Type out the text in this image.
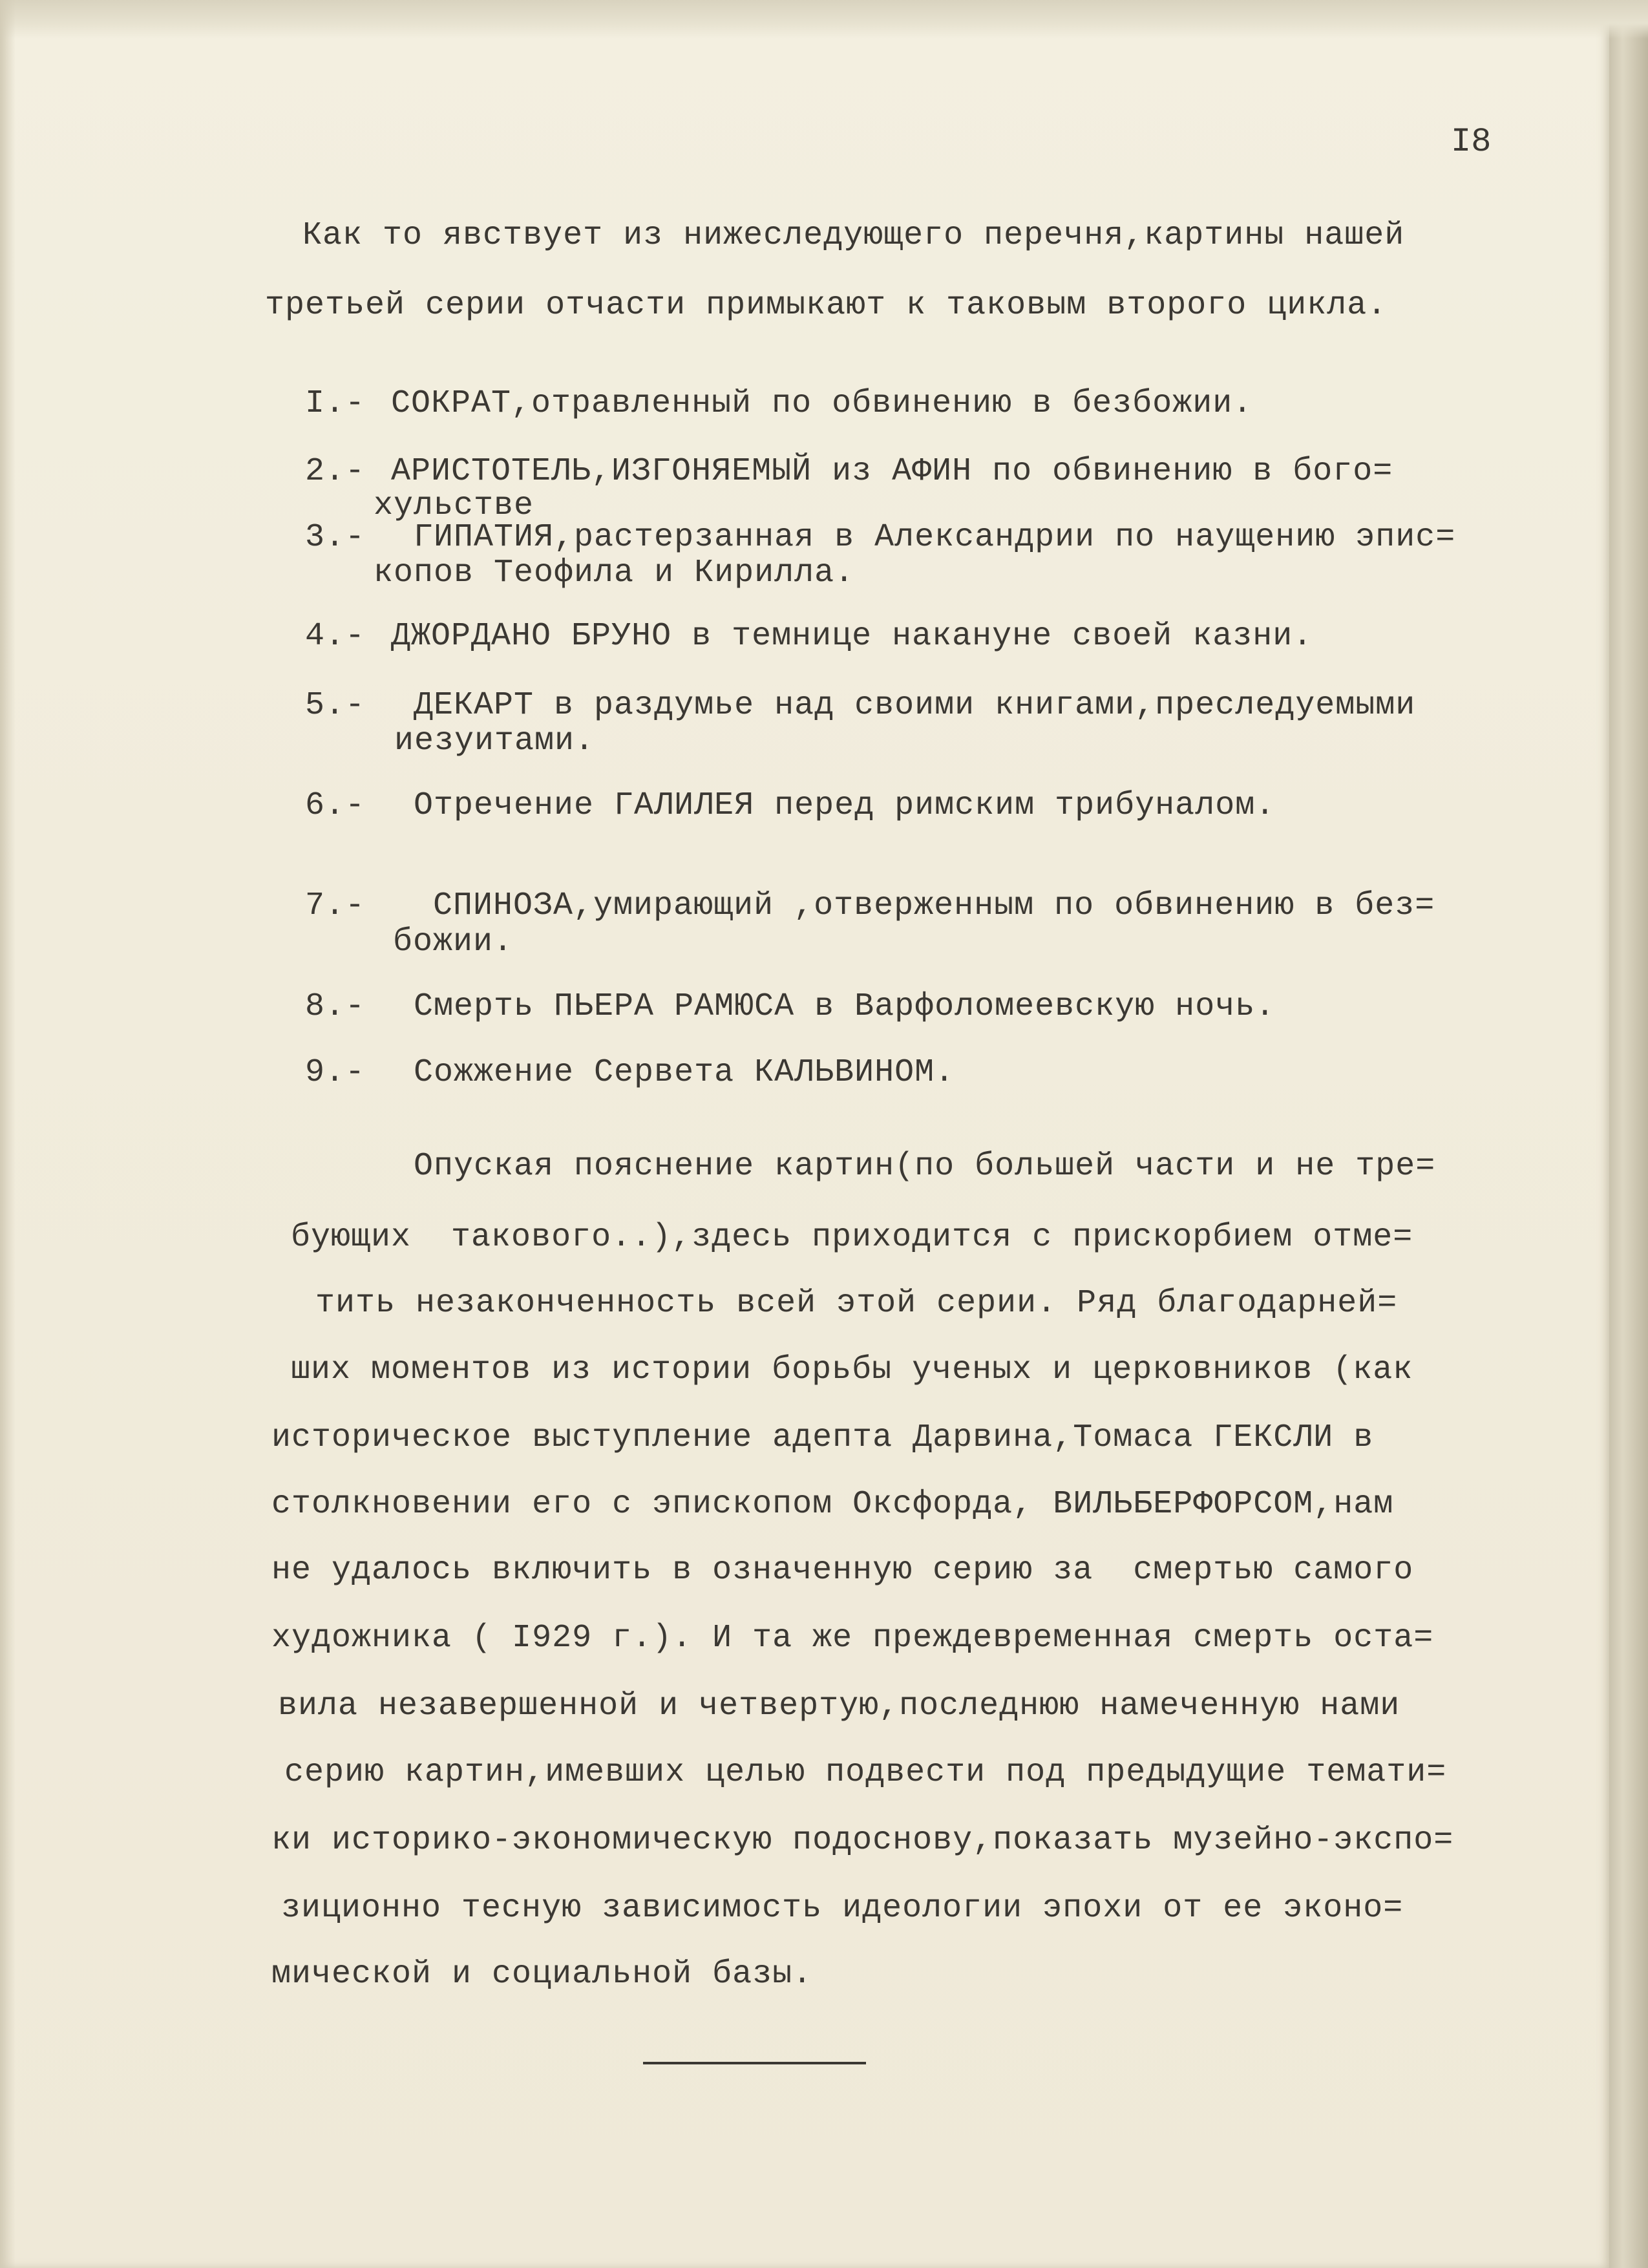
I8
Как то явствует из нижеследующего перечня,картины нашей
третьей серии отчасти примыкают к таковым второго цикла.
I.- СОКРАТ,отравленный по обвинению в безбожии.
2.- АРИСТОТЕЛЬ,ИЗГОНЯЕМЫЙ из АФИН по обвинению в бого=
хульстве
3.- ГИПАТИЯ,растерзанная в Александрии по наущению эпис=
копов Теофила и Кирилла.
4.- ДЖОРДАНО БРУНО в темнице накануне своей казни.
5.- ДЕКАРТ в раздумье над своими книгами,преследуемыми
иезуитами.
6.- Отречение ГАЛИЛЕЯ перед римским трибуналом.
7.- СПИНОЗА,умирающий ,отверженным по обвинению в без=
божии.
8.- Смерть ПЬЕРА РАМЮСА в Варфоломеевскую ночь.
9.- Сожжение Сервета КАЛЬВИНОМ.
Опуская пояснение картин(по большей части и не тре=
бующих  таковогo..),здесь приходится с прискорбием отме=
тить незаконченность всей этой серии. Ряд благодарней=
ших моментов из истории борьбы ученых и церковников (как
историческое выступление адепта Дарвина,Томаса ГЕКСЛИ в
столкновении его с эпископом Оксфорда, ВИЛЬБЕРФОРСОМ,нам
не удалось включить в означенную серию за  смертью самого
художника ( I929 г.). И та же преждевременная смерть оста=
вила незавершенной и четвертую,последнюю намеченную нами
серию картин,имевших целью подвести под предыдущие темати=
ки историко-экономическую подоснову,показать музейно-экспо=
зиционно тесную зависимость идеологии эпохи от ее эконо=
мической и социальной базы.
